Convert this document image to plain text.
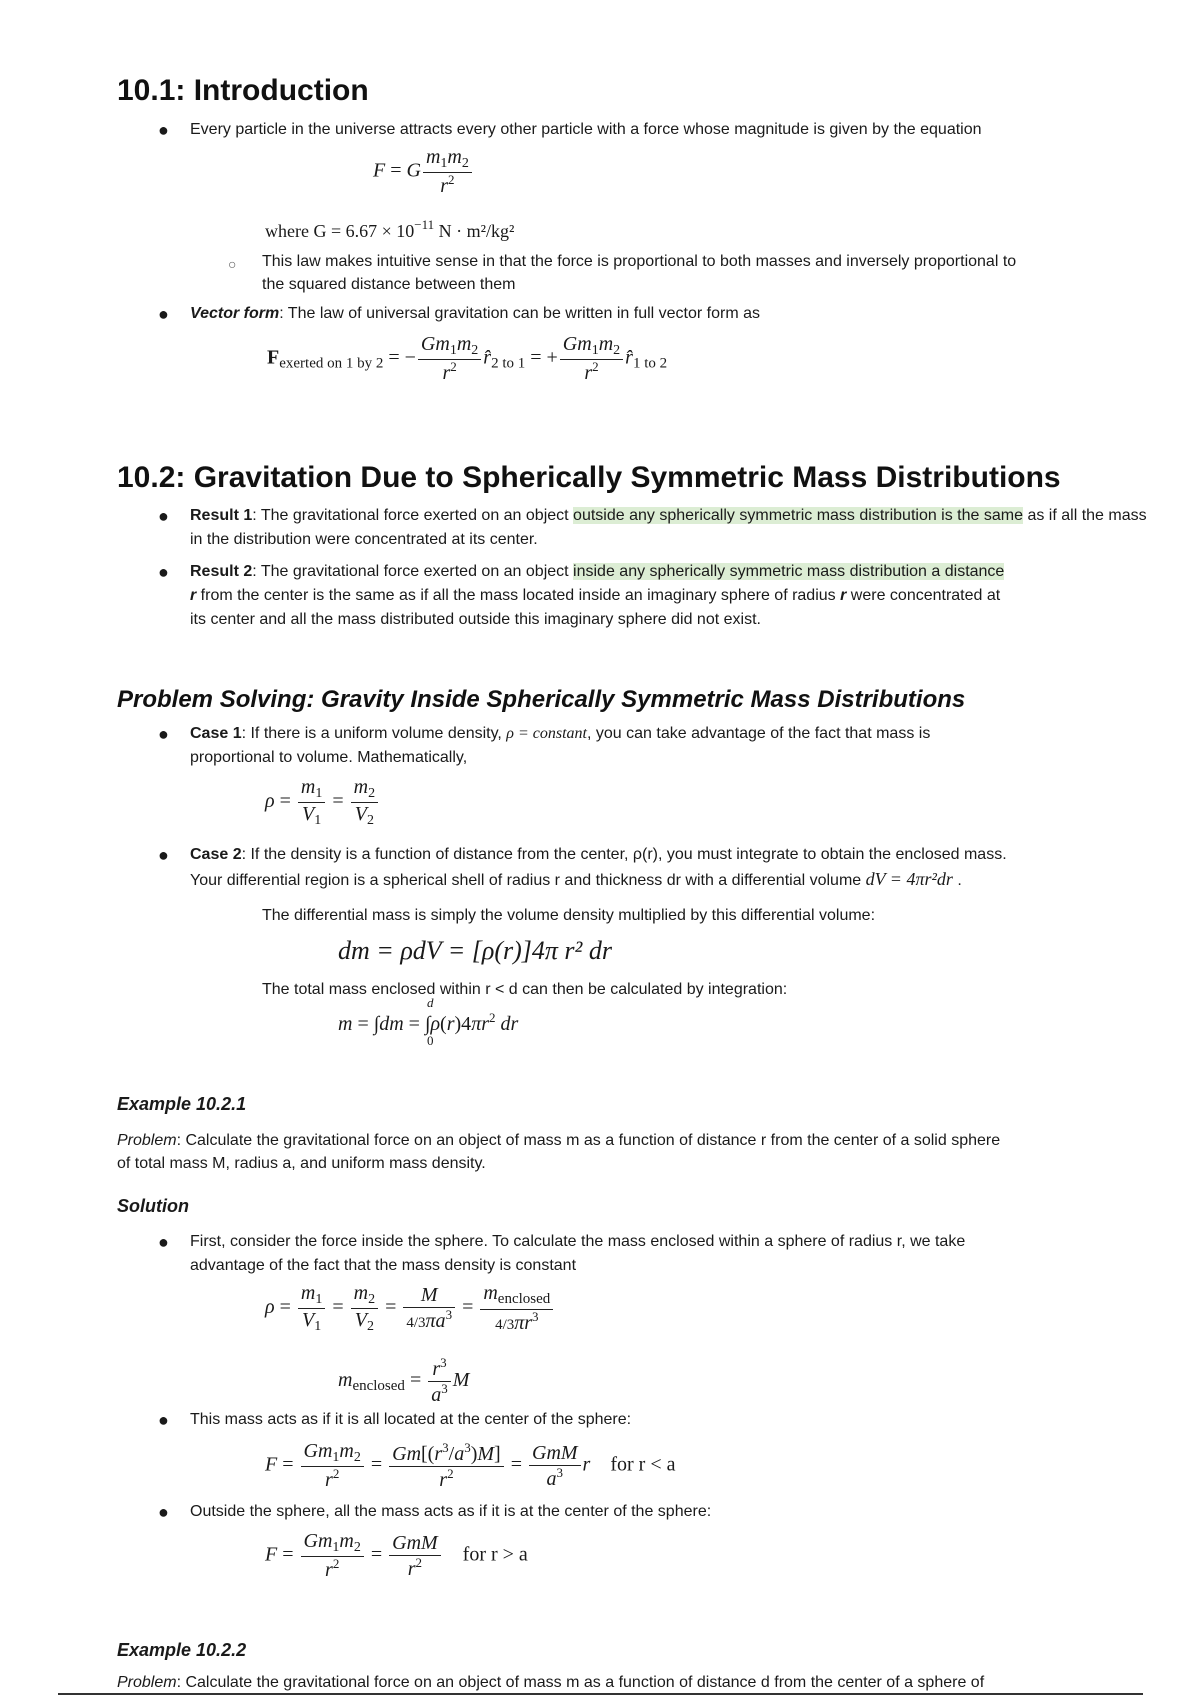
10.1: Introduction
● Every particle in the universe attracts every other particle with a force whose magnitude is given by the equation
F = G $\frac{m_1m_2}{r^2}$
where $G = 6.67 \times 10^{-11}$ N · m²/kg²
○ This law makes intuitive sense in that the force is proportional to both masses and inversely proportional to
the squared distance between them
● Vector form: The law of universal gravitation can be written in full vector form as
$F_{exerted on 1 by 2}$ = − $\frac{Gm_1m_2}{r^2}$ $r̂_{2 to 1}$ = + $\frac{Gm_1m_2}{r^2}$ $r̂_{1 to 2}$
10.2: Gravitation Due to Spherically Symmetric Mass Distributions
● Result 1: The gravitational force exerted on an object outside any spherically symmetric mass distribution is the same as if all the mass in the distribution were concentrated at its center.
● Result 2: The gravitational force exerted on an object inside any spherically symmetric mass distribution a distance
r from the center is the same as if all the mass located inside an imaginary sphere of radius r were concentrated at
its center and all the mass distributed outside this imaginary sphere did not exist.
Problem Solving: Gravity Inside Spherically Symmetric Mass Distributions
● Case 1: If there is a uniform volume density, ρ = constant, you can take advantage of the fact that mass is
proportional to volume. Mathematically,
$\rho = \frac{m_1}{V_1} = \frac{m_2}{V_2}$
● Case 2: If the density is a function of distance from the center, ρ(r), you must integrate to obtain the enclosed mass.
Your differential region is a spherical shell of radius r and thickness dr with a differential volume dV = 4πr²dr .
The differential mass is simply the volume density multiplied by this differential volume:
dm = ρdV = [ρ(r)]4π r² dr
The total mass enclosed within r < d can then be calculated by integration:
m = ∫dm =
d
∫
0
$\rho(r)4\pi r^2$ dr
Example 10.2.1
Problem: Calculate the gravitational force on an object of mass m as a function of distance r from the center of a solid sphere
of total mass M, radius a, and uniform mass density.
Solution
● First, consider the force inside the sphere. To calculate the mass enclosed within a sphere of radius r, we take
advantage of the fact that the mass density is constant
$\rho = \frac{m_1}{V_1} = \frac{m_2}{V_2} = \frac{M}{4/3\pi a^3} = \frac{m_{enclosed}}{4/3\pi r^3}$
$m_{enclosed} = \frac{r^3}{a^3}$ M
● This mass acts as if it is all located at the center of the sphere:
$F = \frac{Gm_1m_2}{r^2} = \frac{Gm[(r^3/a^3)M]}{r^2} = \frac{\text{GmM}}{a^3}$ r for r < a
● Outside the sphere, all the mass acts as if it is at the center of the sphere:
$F = \frac{Gm_1m_2}{r^2} = \frac{\text{GmM}}{r^2}$ for r > a
Example 10.2.2
Problem: Calculate the gravitational force on an object of mass m as a function of distance d from the center of a sphere of
